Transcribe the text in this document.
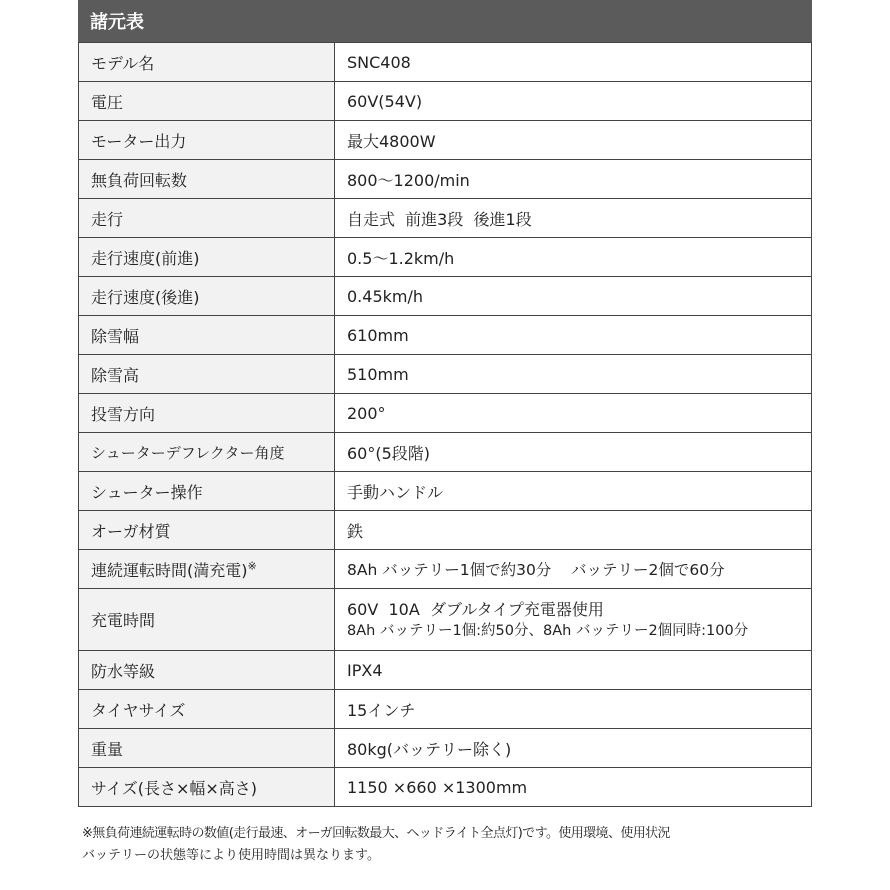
諸元表
モデル名	SNC408
電圧	60V(54V)
モーター出力	最大4800W
無負荷回転数	800〜1200/min
走行	自走式  前進3段  後進1段
走行速度(前進)	0.5〜1.2km/h
走行速度(後進)	0.45km/h
除雪幅	610mm
除雪高	510mm
投雪方向	200°
シューターデフレクター角度	60°(5段階)
シューター操作	手動ハンドル
オーガ材質	鉄
連続運転時間(満充電)※	8Ah バッテリー1個で約30分    バッテリー2個で60分
充電時間	60V  10A  ダブルタイプ充電器使用
8Ah バッテリー1個:約50分、8Ah バッテリー2個同時:100分

防水等級	IPX4
タイヤサイズ	15インチ
重量	80kg(バッテリー除く)
サイズ(長さ×幅×高さ)	1150 ×660 ×1300mm
※無負荷連続運転時の数値(走行最速、オーガ回転数最大、ヘッドライト全点灯)です。使用環境、使用状況
バッテリーの状態等により使用時間は異なります。
